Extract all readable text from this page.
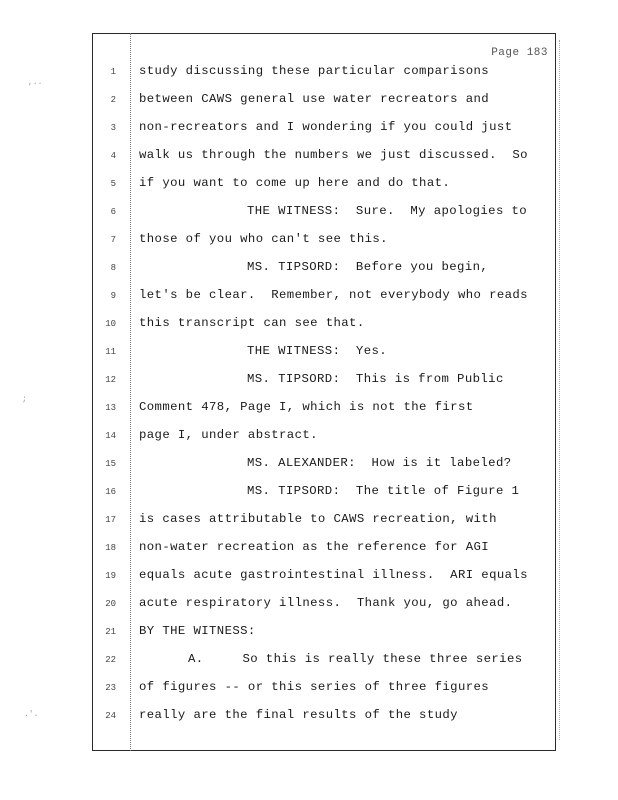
,..
;
.'.
Page 183
1 study discussing these particular comparisons
2 between CAWS general use water recreators and
3 non-recreators and I wondering if you could just
4 walk us through the numbers we just discussed.  So
5 if you want to come up here and do that.
6	THE WITNESS:  Sure.  My apologies to
7 those of you who can't see this.
8	MS. TIPSORD:  Before you begin,
9 let's be clear.  Remember, not everybody who reads
10 this transcript can see that.
11	THE WITNESS:  Yes.
12	MS. TIPSORD:  This is from Public
13 Comment 478, Page I, which is not the first
14 page I, under abstract.
15	MS. ALEXANDER:  How is it labeled?
16	MS. TIPSORD:  The title of Figure 1
17 is cases attributable to CAWS recreation, with
18 non-water recreation as the reference for AGI
19 equals acute gastrointestinal illness.  ARI equals
20 acute respiratory illness.  Thank you, go ahead.
21 BY THE WITNESS:
22	A.     So this is really these three series
23 of figures -- or this series of three figures
24 really are the final results of the study
